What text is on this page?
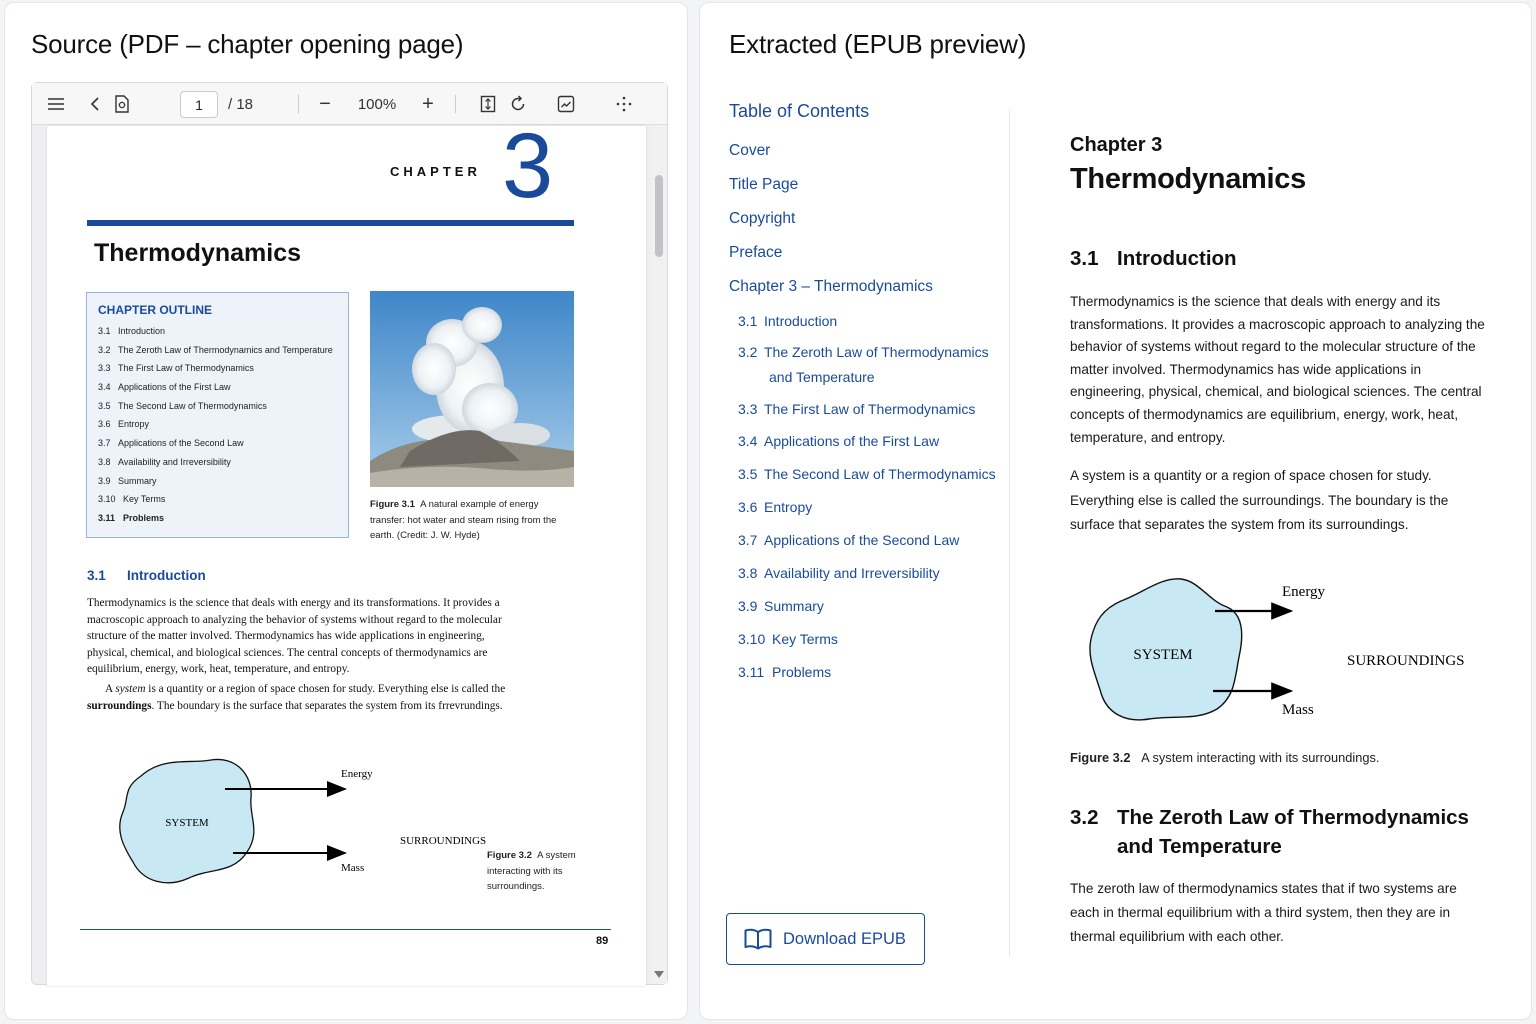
Source (PDF – chapter opening page)
1	/ 18	− 100% +
CHAPTER 3
Thermodynamics
CHAPTER OUTLINE
3.1 Introduction
3.2 The Zeroth Law of Thermodynamics and Temperature
3.3 The First Law of Thermodynamics
3.4 Applications of the First Law
3.5 The Second Law of Thermodynamics
3.6 Entropy
3.7 Applications of the Second Law
3.8 Availability and Irreversibility
3.9 Summary
3.10 Key Terms
3.11 Problems
Figure 3.1 A natural example of energy transfer: hot water and steam rising from the earth. (Credit: J. W. Hyde)
3.1 Introduction

Thermodynamics is the science that deals with energy and its transformations. It provides a macroscopic approach to analyzing the behavior of systems without regard to the molecular structure of the matter involved. Thermodynamics has wide applications in engineering, physical, chemical, and biological sciences. The central concepts of thermodynamics are equilibrium, energy, work, heat, temperature, and entropy.

A system is a quantity or a region of space chosen for study. Everything else is called the surroundings. The boundary is the surface that separates the system from its frrevrundings.

SYSTEM
Energy
Mass
SURROUNDINGS
Figure 3.2 A system interacting with its surroundings.
89
Extracted (EPUB preview)
Table of Contents
Cover
Title Page
Copyright
Preface
Chapter 3 – Thermodynamics
3.1 Introduction
3.2 The Zeroth Law of Thermodynamics
and Temperature
3.3 The First Law of Thermodynamics
3.4 Applications of the First Law
3.5 The Second Law of Thermodynamics
3.6 Entropy
3.7 Applications of the Second Law
3.8 Availability and Irreversibility
3.9 Summary
3.10 Key Terms
3.11 Problems
Download EPUB
Chapter 3
Thermodynamics
3.1 Introduction

Thermodynamics is the science that deals with energy and its transformations. It provides a macroscopic approach to analyzing the behavior of systems without regard to the molecular structure of the matter involved. Thermodynamics has wide applications in engineering, physical, chemical, and biological sciences. The central concepts of thermodynamics are equilibrium, energy, work, heat, temperature, and entropy.

A system is a quantity or a region of space chosen for study. Everything else is called the surroundings. The boundary is the surface that separates the system from its surroundings.

SYSTEM
Energy
Mass
SURROUNDINGS
Figure 3.2 A system interacting with its surroundings.
3.2 The Zeroth Law of Thermodynamics
and Temperature

The zeroth law of thermodynamics states that if two systems are each in thermal equilibrium with a third system, then they are in thermal equilibrium with each other.
